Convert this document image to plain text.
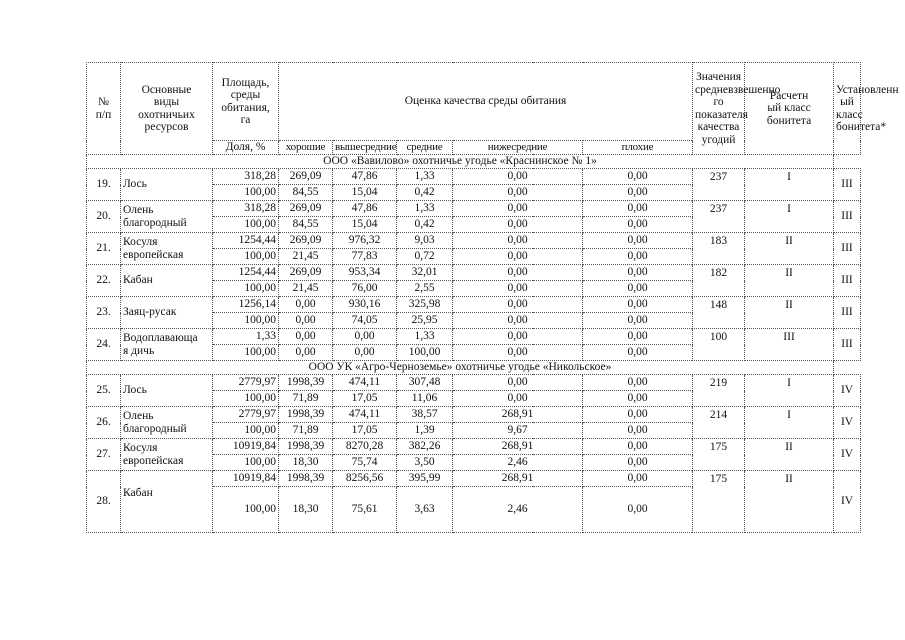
№
п/п	Основные
виды
охотничьих
ресурсов	Площадь,
среды
обитания,
га	Оценка качества среды обитания					Значения
средневзвешенно
го показателя
качества угодий	Расчетн
ый класс
бонитета	Установленн
ый класс
бонитета*
		Доля, %	хорошие	вышесредние	средние	нижесредние	плохие			
ООО «Вавилово» охотничье угодье «Краснинское № 1»										
19.	Лось	318,28	269,09	47,86	1,33	0,00	0,00	237	I	III
		100,00	84,55	15,04	0,42	0,00	0,00			
20.	Олень
благородный	318,28	269,09	47,86	1,33	0,00	0,00	237	I	III
		100,00	84,55	15,04	0,42	0,00	0,00			
21.	Косуля
европейская	1254,44	269,09	976,32	9,03	0,00	0,00	183	II	III
		100,00	21,45	77,83	0,72	0,00	0,00			
22.	Кабан	1254,44	269,09	953,34	32,01	0,00	0,00	182	II	III
		100,00	21,45	76,00	2,55	0,00	0,00			
23.	Заяц-русак	1256,14	0,00	930,16	325,98	0,00	0,00	148	II	III
		100,00	0,00	74,05	25,95	0,00	0,00			
24.	Водоплавающа
я дичь	1,33	0,00	0,00	1,33	0,00	0,00	100	III	III
		100,00	0,00	0,00	100,00	0,00	0,00			
ООО УК «Агро-Черноземье» охотничье угодье «Никольское»										
25.	Лось	2779,97	1998,39	474,11	307,48	0,00	0,00	219	I	IV
		100,00	71,89	17,05	11,06	0,00	0,00			
26.	Олень
благородный	2779,97	1998,39	474,11	38,57	268,91	0,00	214	I	IV
		100,00	71,89	17,05	1,39	9,67	0,00			
27.	Косуля
европейская	10919,84	1998,39	8270,28	382,26	268,91	0,00	175	II	IV
		100,00	18,30	75,74	3,50	2,46	0,00			
28.	Кабан	10919,84	1998,39	8256,56	395,99	268,91	0,00	175	II	IV
		100,00	18,30	75,61	3,63	2,46	0,00			
